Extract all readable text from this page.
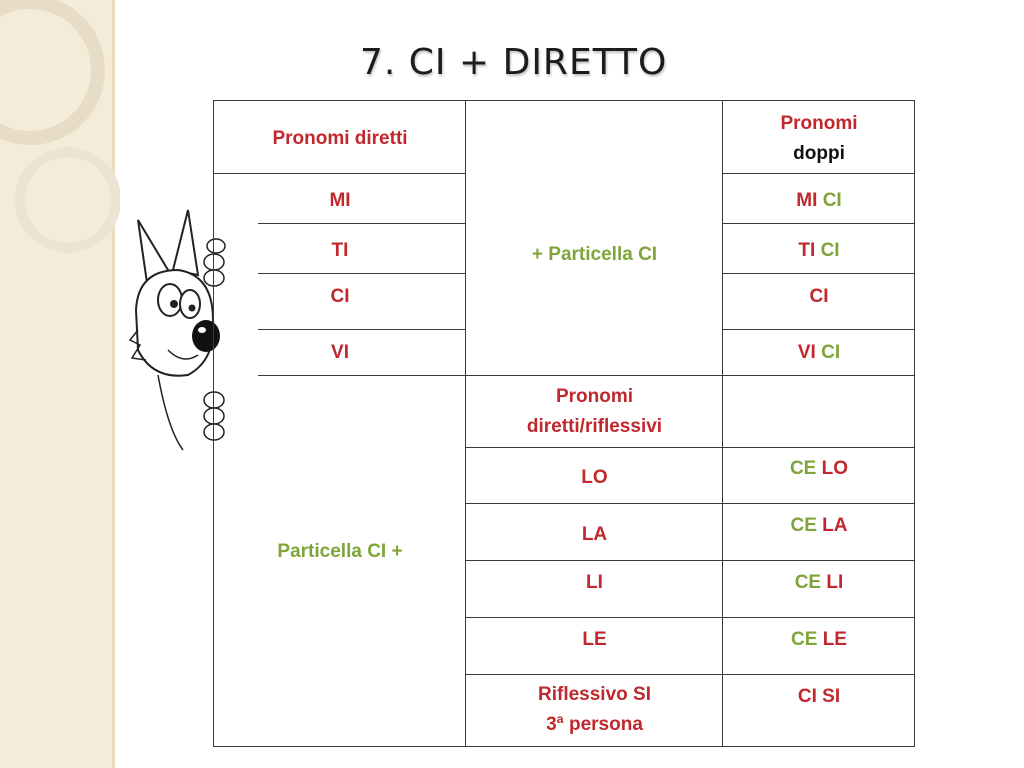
7. CI + DIRETTO
Pronomi diretti
Pronomi
doppi
+ Particella CI
MI
TI
CI
VI
MI CI
TI CI
CI
VI CI
Particella CI +
Pronomi
diretti/riflessivi
LO
LA
LI
LE
CE LO
CE LA
CE LI
CE LE
Riflessivo SI
3ª persona
CI SI
